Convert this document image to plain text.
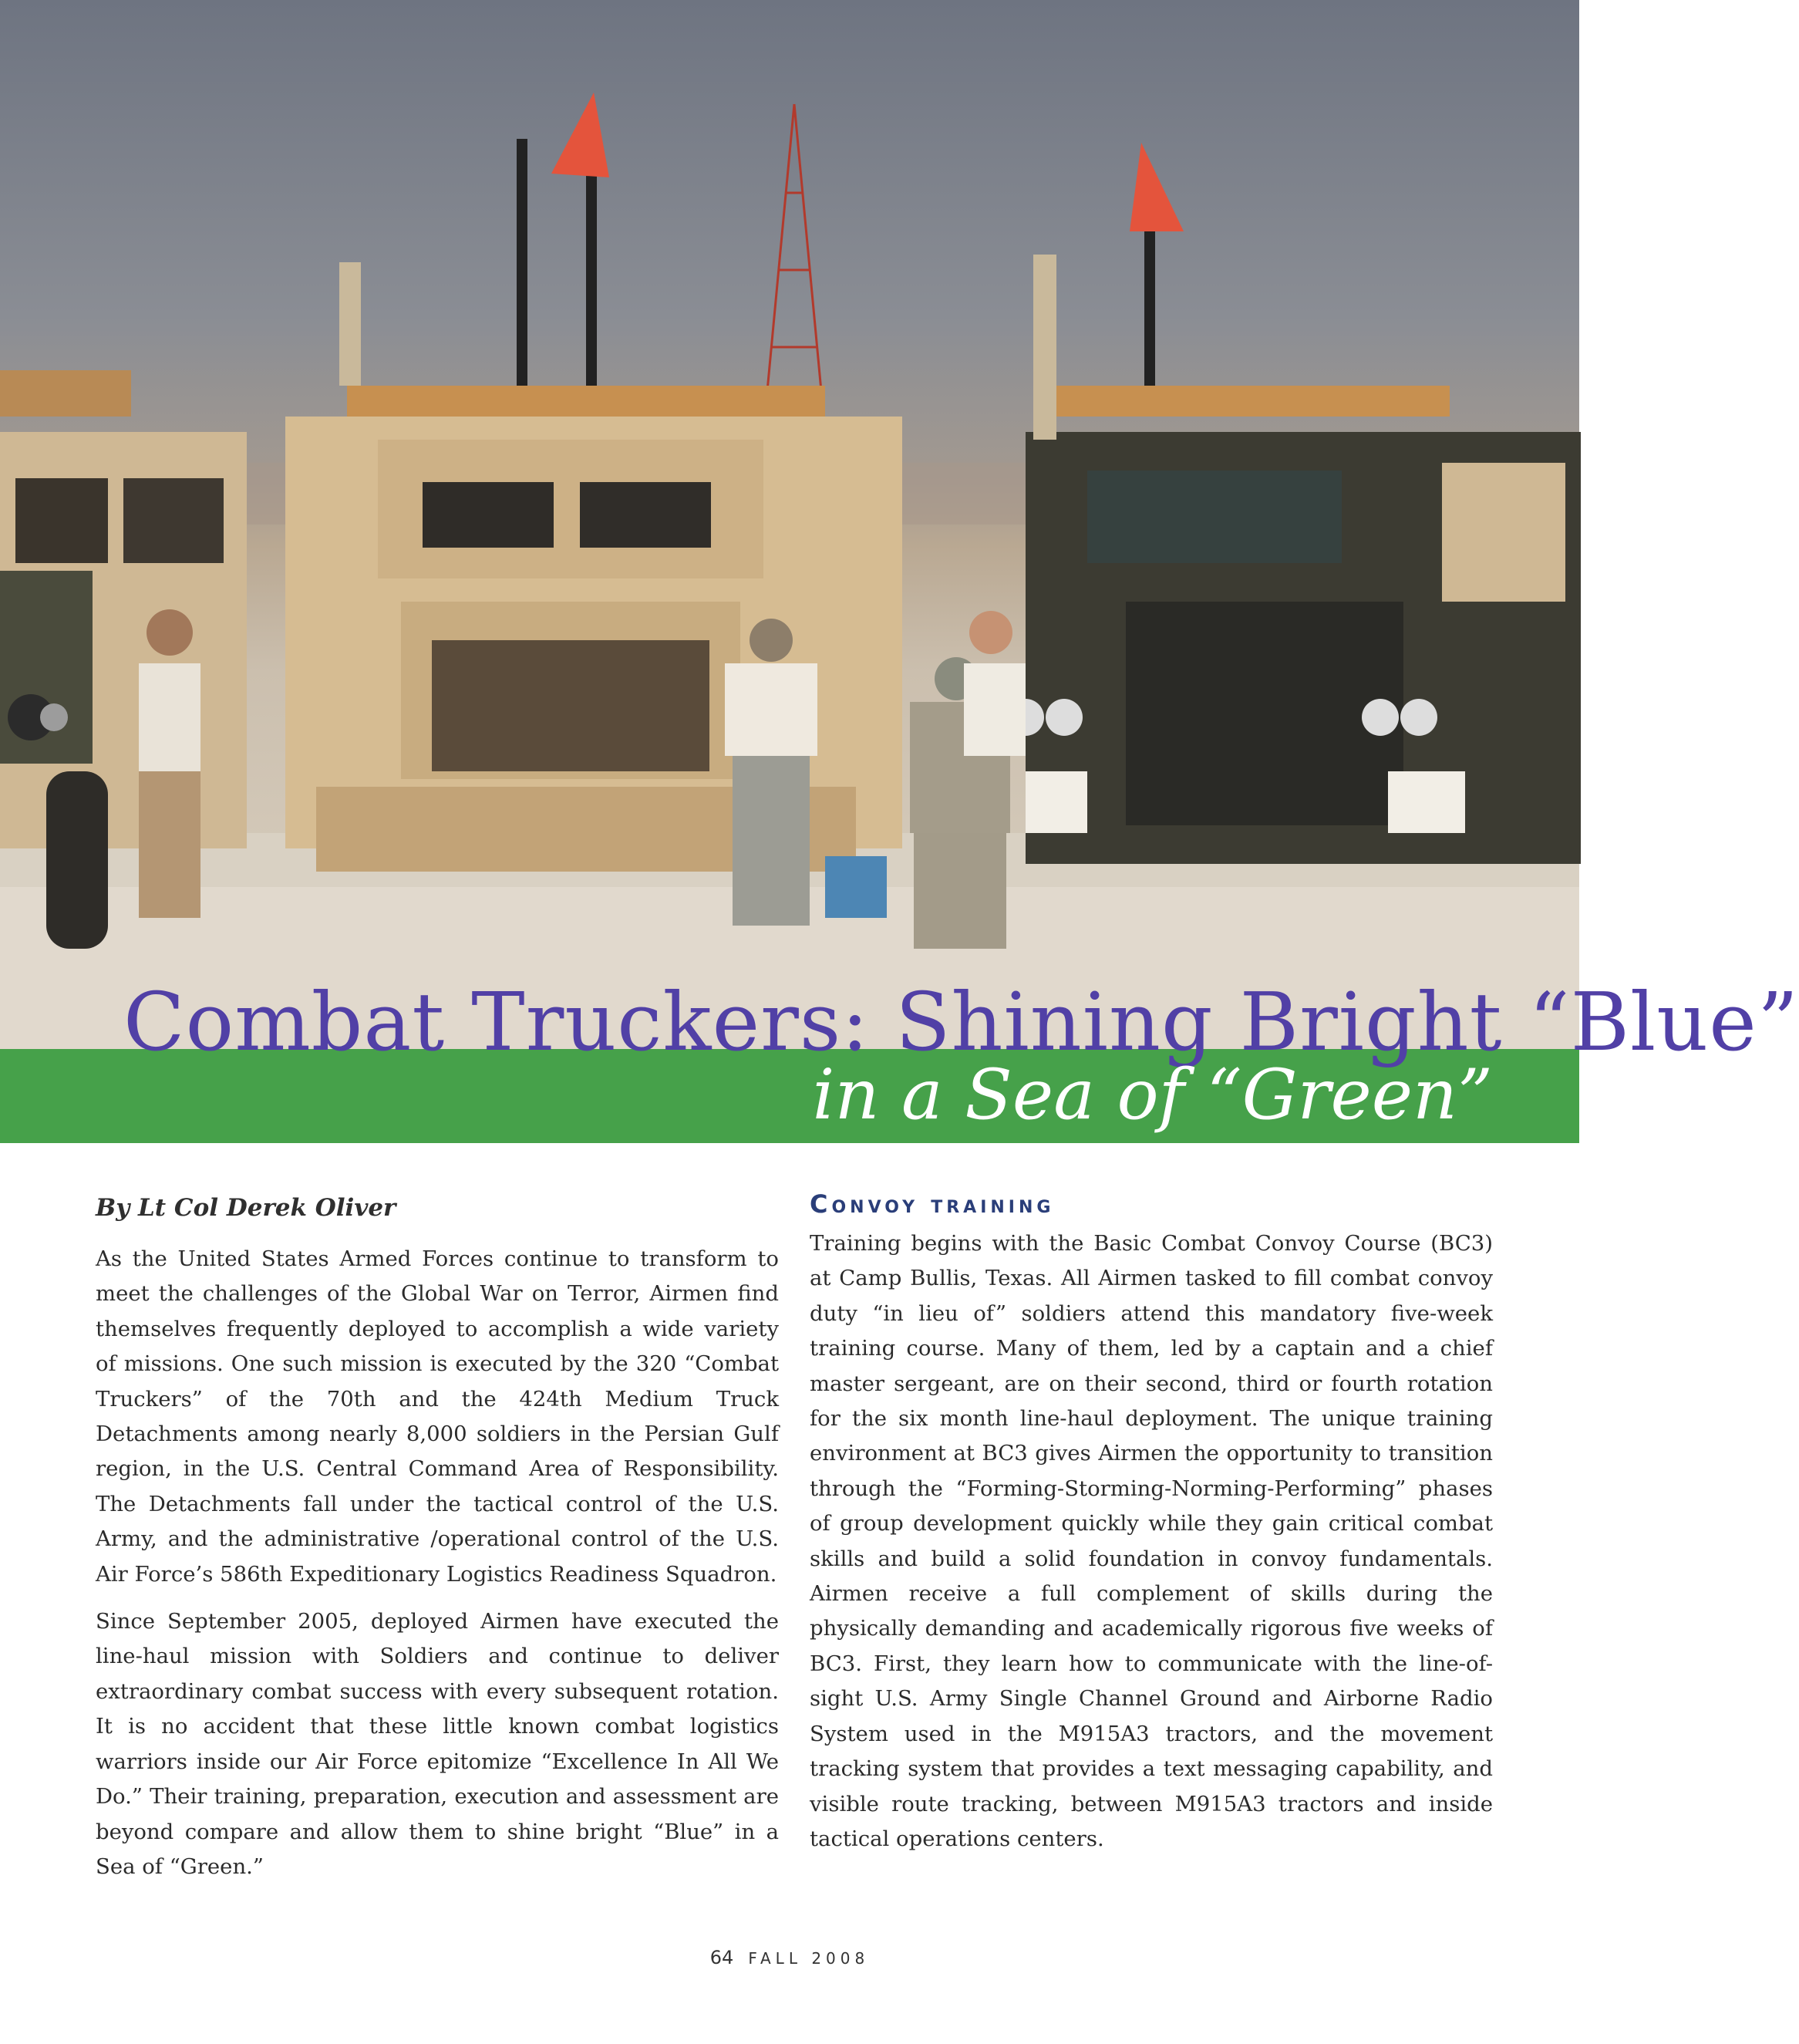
Combat Truckers: Shining Bright “Blue”
in a Sea of “Green”

By Lt Col Derek Oliver

As the United States Armed Forces continue to transform to meet the challenges of the Global War on Terror, Airmen find themselves frequently deployed to accomplish a wide variety of missions. One such mission is executed by the 320 “Combat Truckers” of the 70th and the 424th Medium Truck Detachments among nearly 8,000 soldiers in the Persian Gulf region, in the U.S. Central Command Area of Responsibility. The Detachments fall under the tactical control of the U.S. Army, and the administrative /operational control of the U.S. Air Force’s 586th Expeditionary Logistics Readiness Squadron.

Since September 2005, deployed Airmen have executed the line-haul mission with Soldiers and continue to deliver extraordinary combat success with every subsequent rotation. It is no accident that these little known combat logistics warriors inside our Air Force epitomize “Excellence In All We Do.” Their training, preparation, execution and assessment are beyond compare and allow them to shine bright “Blue” in a Sea of “Green.”

Convoy training

Training begins with the Basic Combat Convoy Course (BC3) at Camp Bullis, Texas. All Airmen tasked to fill combat convoy duty “in lieu of” soldiers attend this mandatory five-week training course. Many of them, led by a captain and a chief master sergeant, are on their second, third or fourth rotation for the six month line-haul deployment. The unique training environment at BC3 gives Airmen the opportunity to transition through the “Forming-Storming-Norming-Performing” phases of group development quickly while they gain critical combat skills and build a solid foundation in convoy fundamentals. Airmen receive a full complement of skills during the physically demanding and academically rigorous five weeks of BC3. First, they learn how to communicate with the line-of-sight U.S. Army Single Channel Ground and Airborne Radio System used in the M915A3 tractors, and the movement tracking system that provides a text messaging capability, and visible route tracking, between M915A3 tractors and inside tactical operations centers.

64 FALL 2008
